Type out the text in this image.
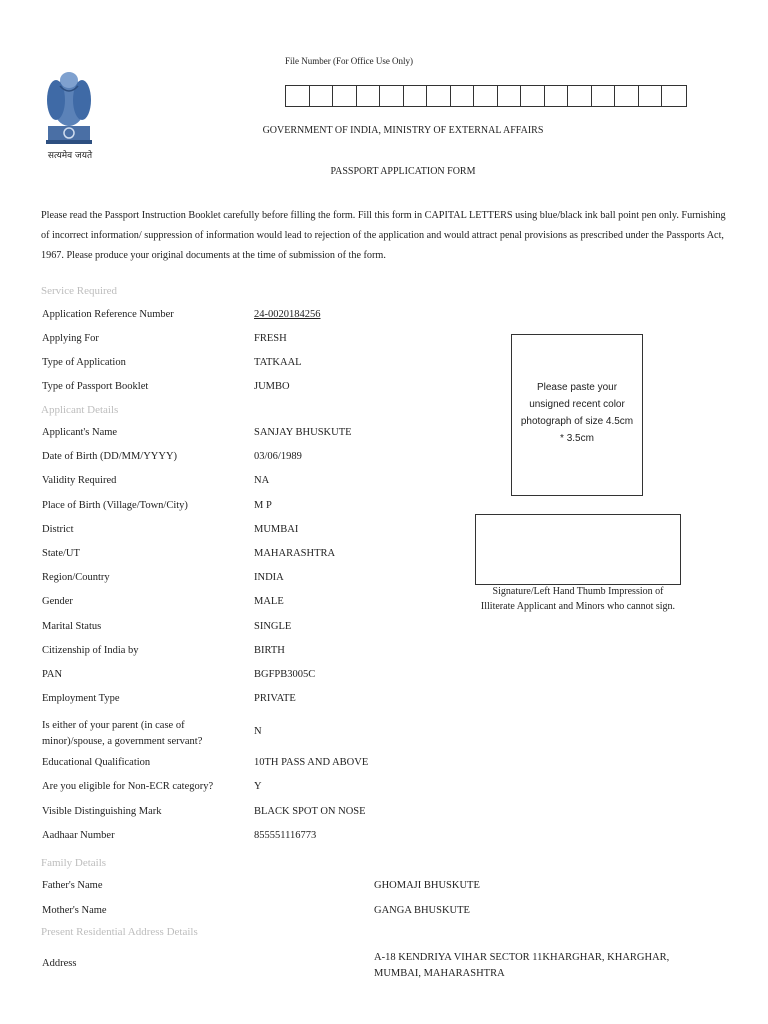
सत्यमेव जयते
File Number (For Office Use Only)
GOVERNMENT OF INDIA, MINISTRY OF EXTERNAL AFFAIRS
PASSPORT APPLICATION FORM
Please read the Passport Instruction Booklet carefully before filling the form. Fill this form in CAPITAL LETTERS using blue/black ink ball point pen only. Furnishing of incorrect information/ suppression of information would lead to rejection of the application and would attract penal provisions as prescribed under the Passports Act, 1967. Please produce your original documents at the time of submission of the form.
Service Required
Applicant Details
Family Details
Present Residential Address Details
Application Reference Number	24-0020184256
Applying For	FRESH
Type of Application	TATKAAL
Type of Passport Booklet	JUMBO
Applicant's Name	SANJAY BHUSKUTE
Date of Birth (DD/MM/YYYY)	03/06/1989
Validity Required	NA
Place of Birth (Village/Town/City)	M P
District	MUMBAI
State/UT	MAHARASHTRA
Region/Country	INDIA
Gender	MALE
Marital Status	SINGLE
Citizenship of India by	BIRTH
PAN	BGFPB3005C
Employment Type	PRIVATE
Is either of your parent (in case of minor)/spouse, a government servant?
N
Educational Qualification	10TH PASS AND ABOVE
Are you eligible for Non-ECR category?	Y
Visible Distinguishing Mark	BLACK SPOT ON NOSE
Aadhaar Number	855551116773
Father's Name	GHOMAJI BHUSKUTE
Mother's Name	GANGA BHUSKUTE
Address
A-18 KENDRIYA VIHAR SECTOR 11KHARGHAR, KHARGHAR, MUMBAI, MAHARASHTRA
Please paste your unsigned recent color photograph of size 4.5cm * 3.5cm
Signature/Left Hand Thumb Impression of Illiterate Applicant and Minors who cannot sign.
